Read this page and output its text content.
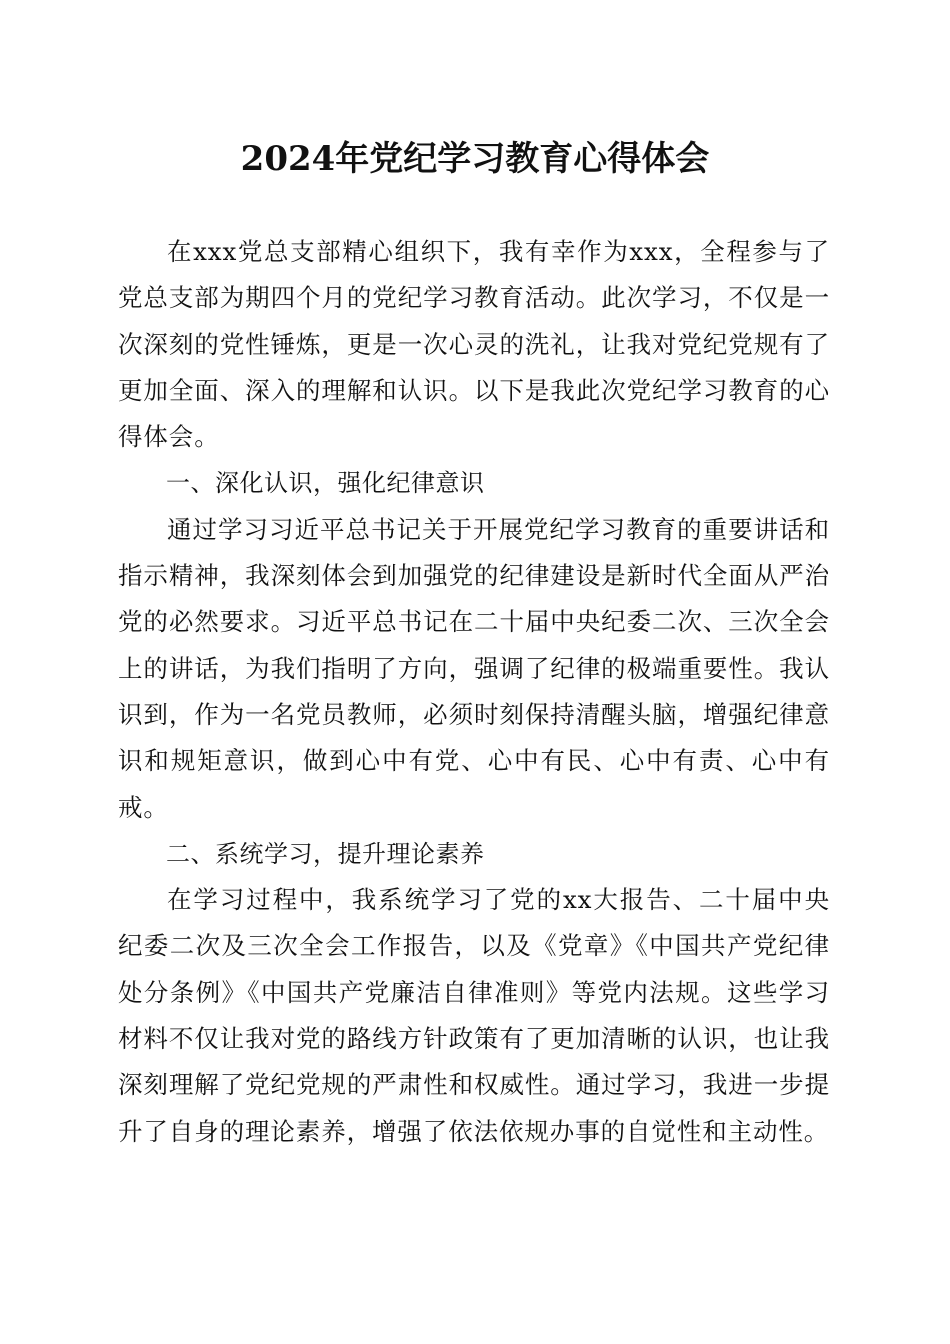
2024年党纪学习教育心得体会

在xxx党总支部精心组织下，我有幸作为xxx，全程参与了党总支部为期四个月的党纪学习教育活动。此次学习，不仅是一次深刻的党性锤炼，更是一次心灵的洗礼，让我对党纪党规有了更加全面、深入的理解和认识。以下是我此次党纪学习教育的心得体会。

一、深化认识，强化纪律意识

通过学习习近平总书记关于开展党纪学习教育的重要讲话和指示精神，我深刻体会到加强党的纪律建设是新时代全面从严治党的必然要求。习近平总书记在二十届中央纪委二次、三次全会上的讲话，为我们指明了方向，强调了纪律的极端重要性。我认识到，作为一名党员教师，必须时刻保持清醒头脑，增强纪律意识和规矩意识，做到心中有党、心中有民、心中有责、心中有戒。

二、系统学习，提升理论素养

在学习过程中，我系统学习了党的xx大报告、二十届中央纪委二次及三次全会工作报告，以及《党章》《中国共产党纪律处分条例》《中国共产党廉洁自律准则》等党内法规。这些学习材料不仅让我对党的路线方针政策有了更加清晰的认识，也让我深刻理解了党纪党规的严肃性和权威性。通过学习，我进一步提升了自身的理论素养，增强了依法依规办事的自觉性和主动性。
